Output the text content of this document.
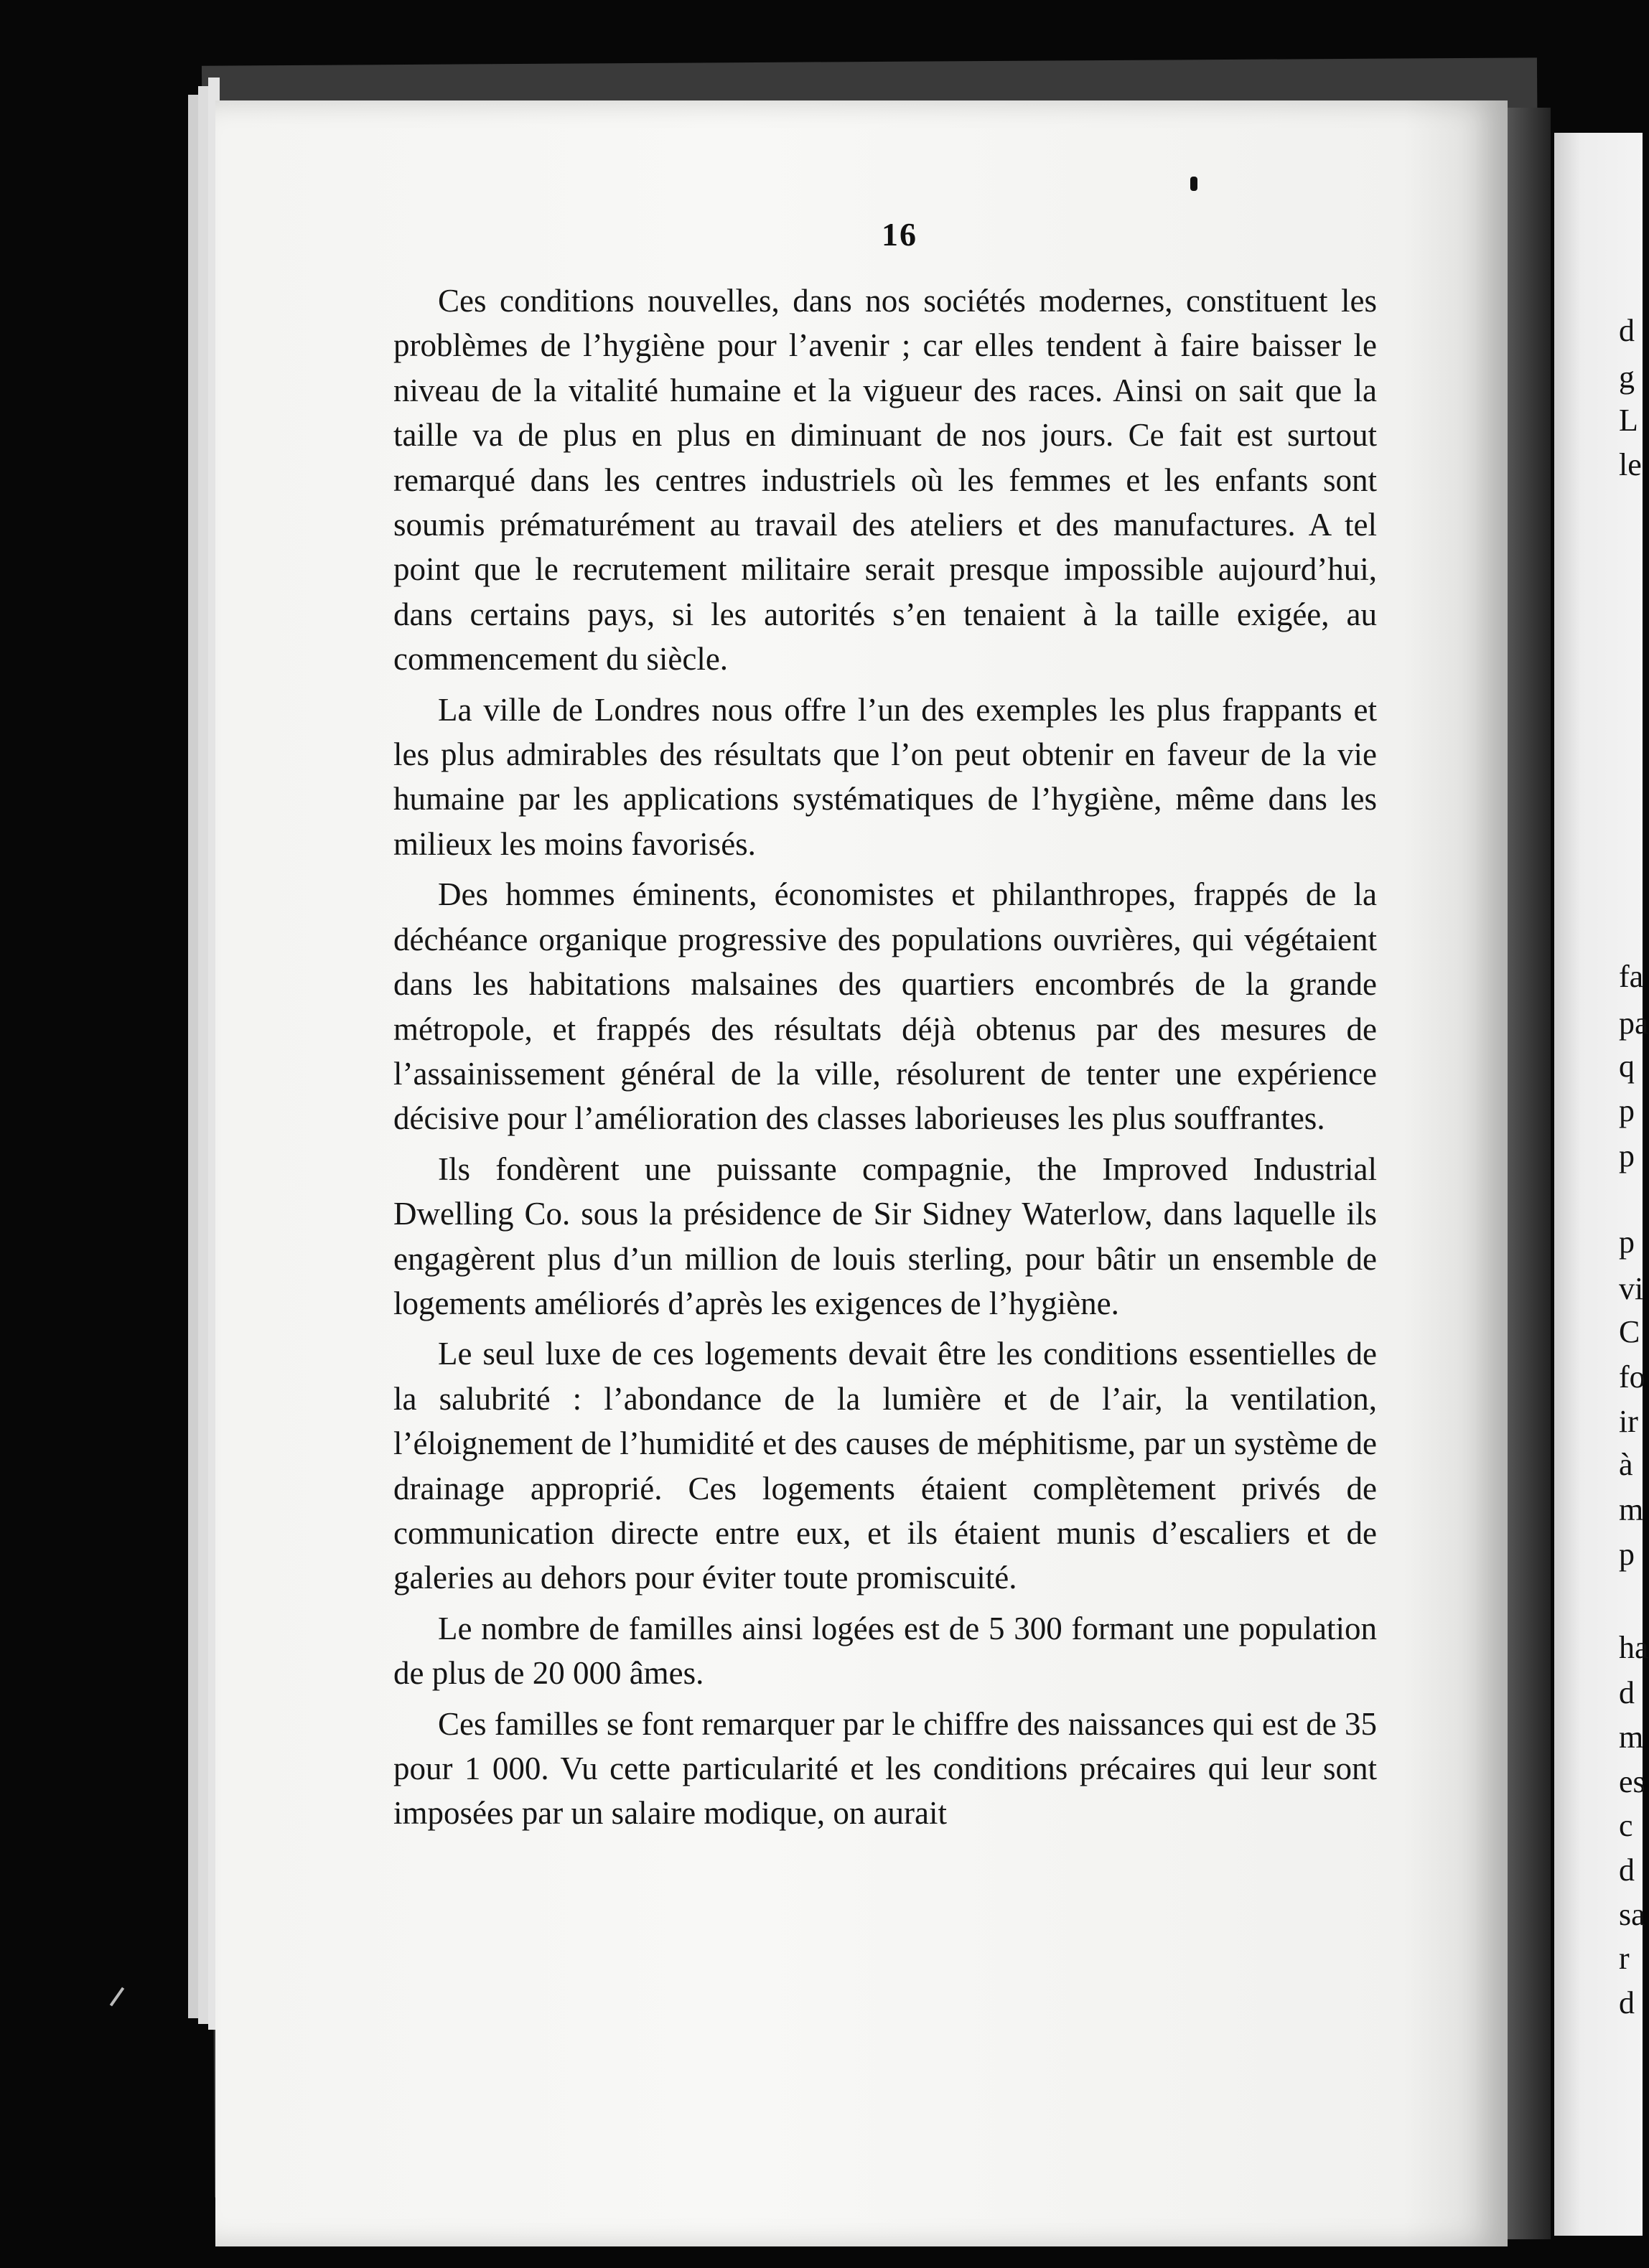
d
g
L
le
fa
pa
q
p
p
p
vi
C
fo
ir
à
m
p
ha
d
m
es
c
d
sa
r
d
16

Ces conditions nouvelles, dans nos sociétés modernes, constituent les problèmes de l’hygiène pour l’avenir ; car elles tendent à faire baisser le niveau de la vitalité humaine et la vigueur des races. Ainsi on sait que la taille va de plus en plus en diminuant de nos jours. Ce fait est surtout remarqué dans les centres industriels où les femmes et les enfants sont soumis prématurément au travail des ateliers et des manufactures. A tel point que le recrutement militaire serait presque impossible aujourd’hui, dans certains pays, si les autorités s’en tenaient à la taille exigée, au commencement du siècle.

La ville de Londres nous offre l’un des exemples les plus frappants et les plus admirables des résultats que l’on peut obtenir en faveur de la vie humaine par les applications systématiques de l’hygiène, même dans les milieux les moins favorisés.

Des hommes éminents, économistes et philanthropes, frappés de la déchéance organique progressive des populations ouvrières, qui végétaient dans les habitations malsaines des quartiers encombrés de la grande métropole, et frappés des résultats déjà obtenus par des mesures de l’assainissement général de la ville, résolurent de tenter une expérience décisive pour l’amélioration des classes laborieuses les plus souffrantes.

Ils fondèrent une puissante compagnie, the Improved Industrial Dwelling Co. sous la présidence de Sir Sidney Waterlow, dans laquelle ils engagèrent plus d’un million de louis sterling, pour bâtir un ensemble de logements améliorés d’après les exigences de l’hygiène.

Le seul luxe de ces logements devait être les conditions essentielles de la salubrité : l’abondance de la lumière et de l’air, la ventilation, l’éloignement de l’humidité et des causes de méphitisme, par un système de drainage approprié. Ces logements étaient complètement privés de communication directe entre eux, et ils étaient munis d’escaliers et de galeries au dehors pour éviter toute promiscuité.

Le nombre de familles ainsi logées est de 5 300 formant une population de plus de 20 000 âmes.

Ces familles se font remarquer par le chiffre des naissances qui est de 35 pour 1 000. Vu cette particularité et les conditions précaires qui leur sont imposées par un salaire modique, on aurait
